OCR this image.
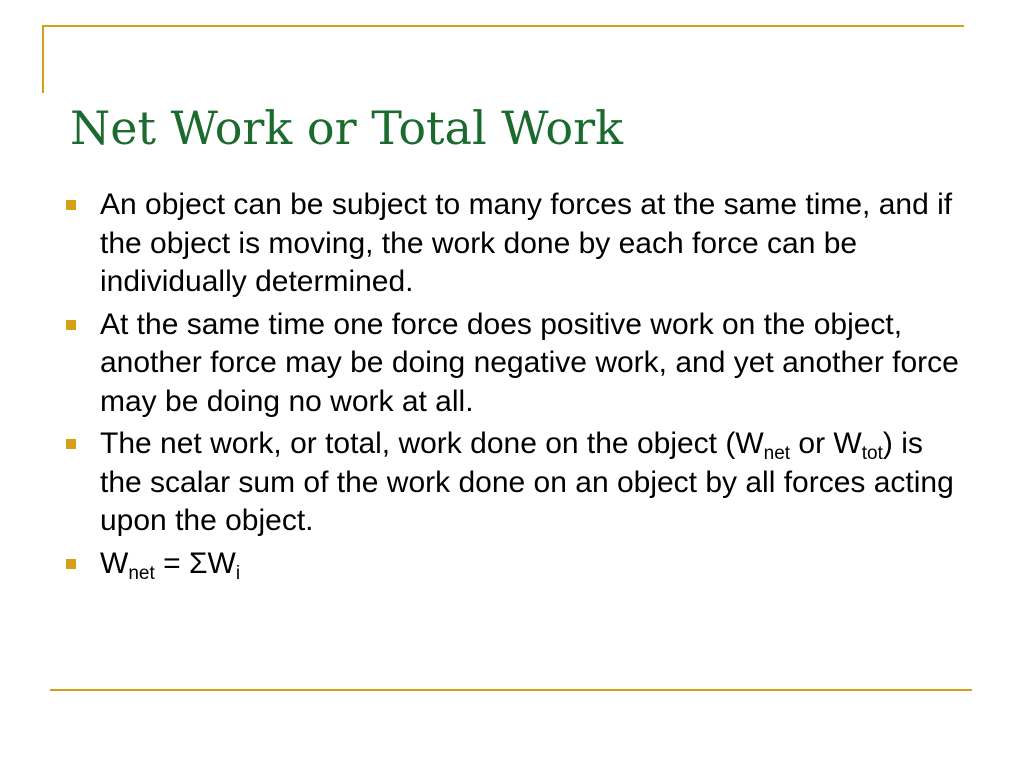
Net Work or Total Work
An object can be subject to many forces at the same time, and if the object is moving, the work done by each force can be individually determined.
At the same time one force does positive work on the object, another force may be doing negative work, and yet another force may be doing no work at all.
The net work, or total, work done on the object ($W_{net}$ or $W_{tot}$) is the scalar sum of the work done on an object by all forces acting upon the object.
$W_{net} = \Sigma W_i$
